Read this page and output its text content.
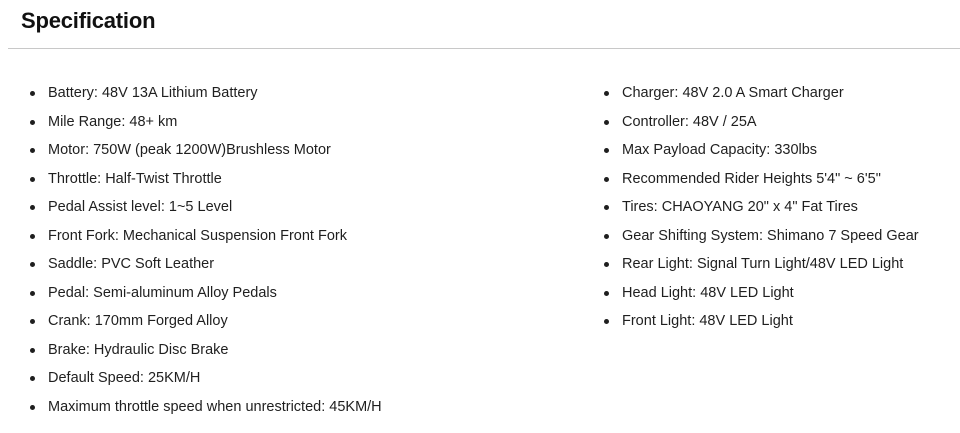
Specification
Battery: 48V 13A Lithium Battery
Mile Range: 48+ km
Motor: 750W (peak 1200W)Brushless Motor
Throttle: Half-Twist Throttle
Pedal Assist level: 1~5 Level
Front Fork: Mechanical Suspension Front Fork
Saddle: PVC Soft Leather
Pedal: Semi-aluminum Alloy Pedals
Crank: 170mm Forged Alloy
Brake: Hydraulic Disc Brake
Default Speed: 25KM/H
Maximum throttle speed when unrestricted: 45KM/H
Charger: 48V 2.0 A Smart Charger
Controller: 48V / 25A
Max Payload Capacity: 330lbs
Recommended Rider Heights 5'4" ~ 6'5"
Tires: CHAOYANG 20" x 4" Fat Tires
Gear Shifting System: Shimano 7 Speed Gear
Rear Light: Signal Turn Light/48V LED Light
Head Light: 48V LED Light
Front Light: 48V LED Light
